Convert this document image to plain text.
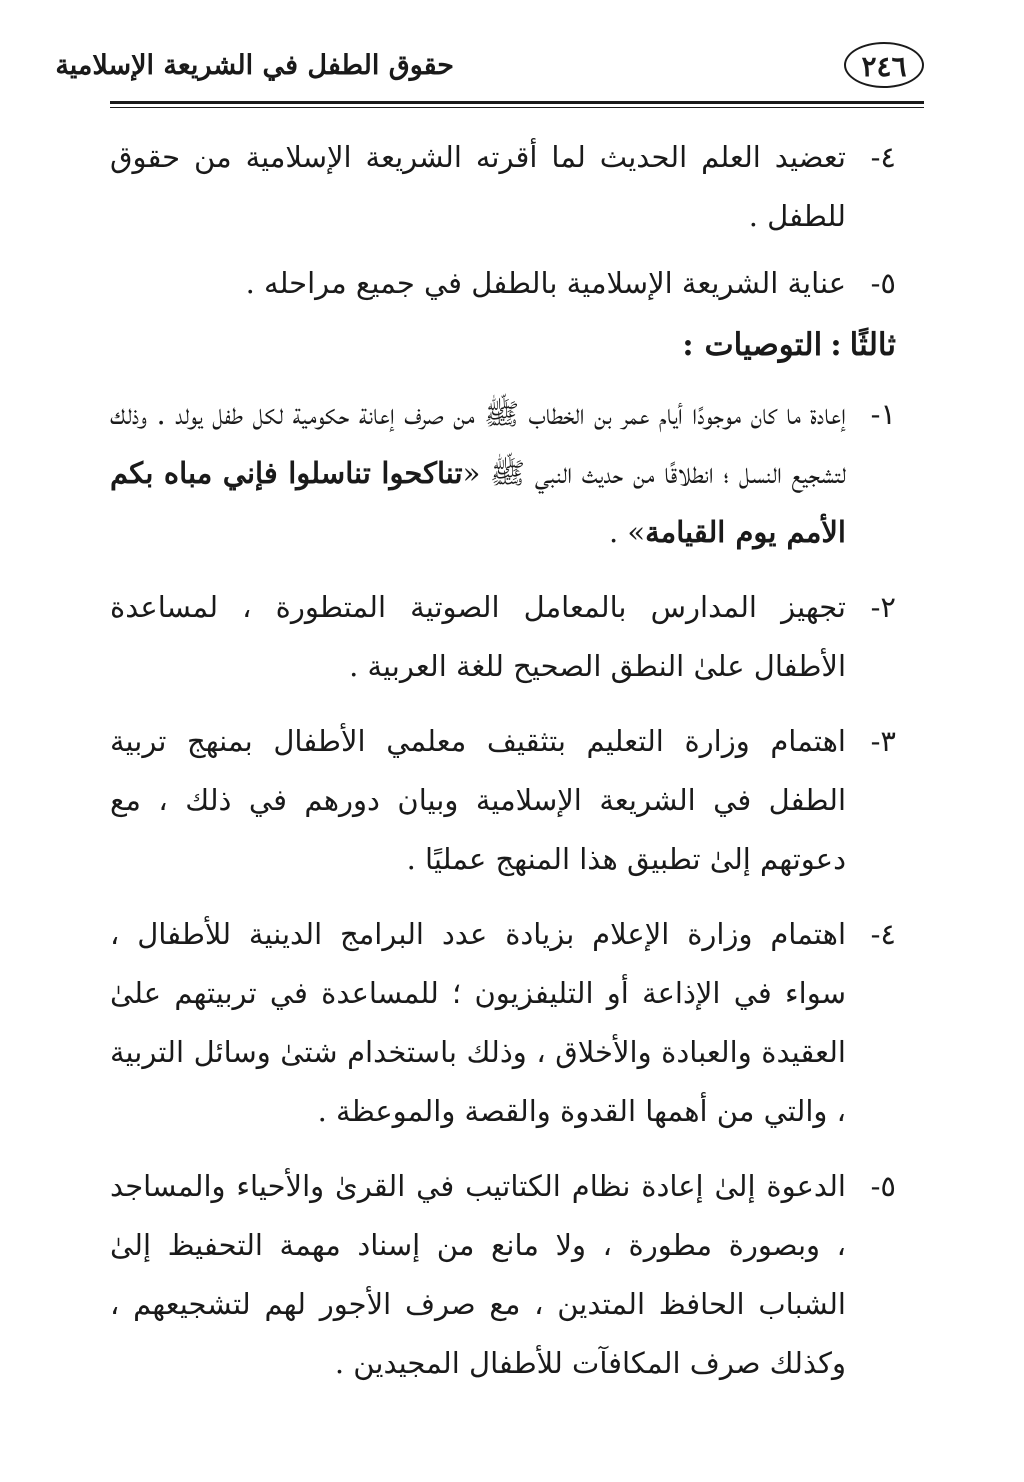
٢٤٦
حقوق الطفل في الشريعة الإسلامية

٤-
تعضيد العلم الحديث لما أقرته الشريعة الإسلامية من حقوق للطفل .

٥-
عناية الشريعة الإسلامية بالطفل في جميع مراحله .

ثالثًا:التوصيات :

١-
إعادة ما كان موجودًا أيام عمر بن الخطاب ﷺ من صرف إعانة حكومية لكل طفل يولد . وذلك لتشجيع النسل ؛ انطلاقًا من حديث النبي ﷺ «تناكحوا تناسلوا فإني مباه بكم الأمم يوم القيامة» .

٢-
تجهيز المدارس بالمعامل الصوتية المتطورة ، لمساعدة الأطفال علىٰ النطق الصحيح للغة العربية .

٣-
اهتمام وزارة التعليم بتثقيف معلمي الأطفال بمنهج تربية الطفل في الشريعة الإسلامية وبيان دورهم في ذلك ، مع دعوتهم إلىٰ تطبيق هذا المنهج عمليًا .

٤-
اهتمام وزارة الإعلام بزيادة عدد البرامج الدينية للأطفال ، سواء في الإذاعة أو التليفزيون ؛ للمساعدة في تربيتهم علىٰ العقيدة والعبادة والأخلاق ، وذلك باستخدام شتىٰ وسائل التربية ، والتي من أهمها القدوة والقصة والموعظة .

٥-
الدعوة إلىٰ إعادة نظام الكتاتيب في القرىٰ والأحياء والمساجد ، وبصورة مطورة ، ولا مانع من إسناد مهمة التحفيظ إلىٰ الشباب الحافظ المتدين ، مع صرف الأجور لهم لتشجيعهم ، وكذلك صرف المكافآت للأطفال المجيدين .
